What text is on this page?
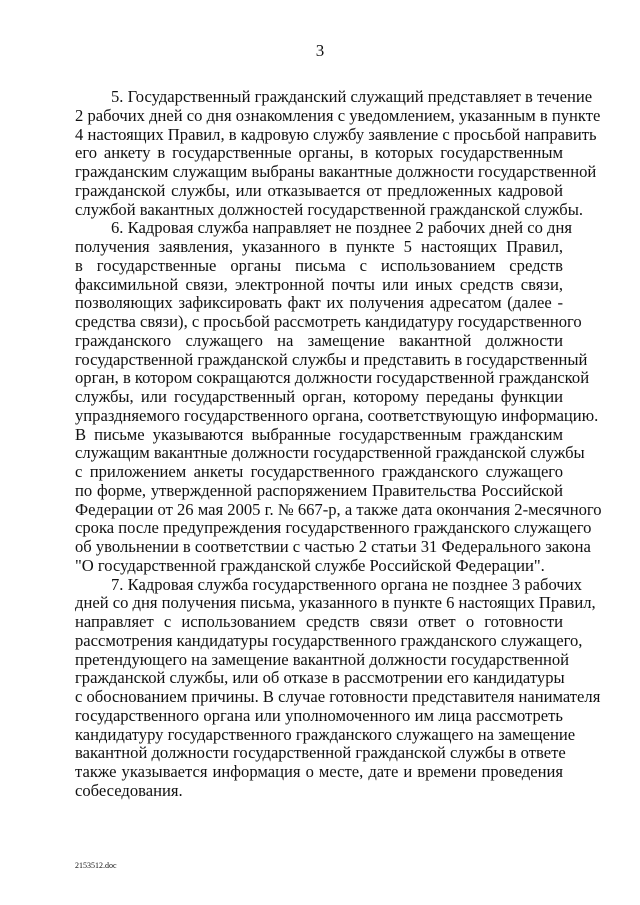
3
5. Государственный гражданский служащий представляет в течение
2 рабочих дней со дня ознакомления с уведомлением, указанным в пункте
4 настоящих Правил, в кадровую службу заявление с просьбой направить
его анкету в государственные органы, в которых государственным
гражданским служащим выбраны вакантные должности государственной
гражданской службы, или отказывается от предложенных кадровой
службой вакантных должностей государственной гражданской службы.
6. Кадровая служба направляет не позднее 2 рабочих дней со дня
получения заявления, указанного в пункте 5 настоящих Правил,
в государственные органы письма с использованием средств
факсимильной связи, электронной почты или иных средств связи,
позволяющих зафиксировать факт их получения адресатом (далее -
средства связи), с просьбой рассмотреть кандидатуру государственного
гражданского служащего на замещение вакантной должности
государственной гражданской службы и представить в государственный
орган, в котором сокращаются должности государственной гражданской
службы, или государственный орган, которому переданы функции
упраздняемого государственного органа, соответствующую информацию.
В письме указываются выбранные государственным гражданским
служащим вакантные должности государственной гражданской службы
с приложением анкеты государственного гражданского служащего
по форме, утвержденной распоряжением Правительства Российской
Федерации от 26 мая 2005 г. № 667-р, а также дата окончания 2-месячного
срока после предупреждения государственного гражданского служащего
об увольнении в соответствии с частью 2 статьи 31 Федерального закона
"О государственной гражданской службе Российской Федерации".
7. Кадровая служба государственного органа не позднее 3 рабочих
дней со дня получения письма, указанного в пункте 6 настоящих Правил,
направляет с использованием средств связи ответ о готовности
рассмотрения кандидатуры государственного гражданского служащего,
претендующего на замещение вакантной должности государственной
гражданской службы, или об отказе в рассмотрении его кандидатуры
с обоснованием причины. В случае готовности представителя нанимателя
государственного органа или уполномоченного им лица рассмотреть
кандидатуру государственного гражданского служащего на замещение
вакантной должности государственной гражданской службы в ответе
также указывается информация о месте, дате и времени проведения
собеседования.
2153512.doc
